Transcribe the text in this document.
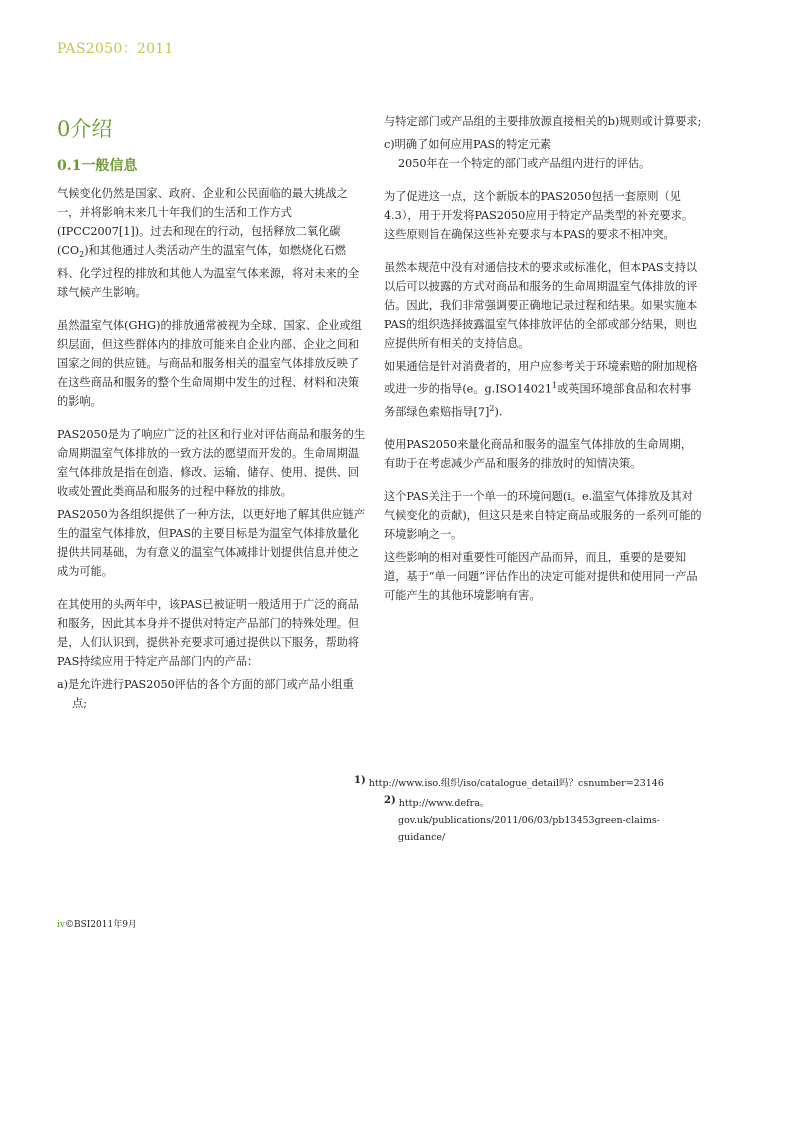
PAS2050：2011
0介绍
0.1一般信息

气候变化仍然是国家、政府、企业和公民面临的最大挑战之一，并将影响未来几十年我们的生活和工作方式(IPCC2007[1])。过去和现在的行动，包括释放二氧化碳$(CO_2)$和其他通过人类活动产生的温室气体，如燃烧化石燃料、化学过程的排放和其他人为温室气体来源，将对未来的全球气候产生影响。

虽然温室气体(GHG)的排放通常被视为全球、国家、企业或组织层面，但这些群体内的排放可能来自企业内部、企业之间和国家之间的供应链。与商品和服务相关的温室气体排放反映了在这些商品和服务的整个生命周期中发生的过程、材料和决策的影响。

PAS2050是为了响应广泛的社区和行业对评估商品和服务的生命周期温室气体排放的一致方法的愿望而开发的。生命周期温室气体排放是指在创造、修改、运输、储存、使用、提供、回收或处置此类商品和服务的过程中释放的排放。

PAS2050为各组织提供了一种方法，以更好地了解其供应链产生的温室气体排放，但PAS的主要目标是为温室气体排放量化提供共同基础，为有意义的温室气体减排计划提供信息并使之成为可能。

在其使用的头两年中，该PAS已被证明一般适用于广泛的商品和服务，因此其本身并不提供对特定产品部门的特殊处理。但是，人们认识到，提供补充要求可通过提供以下服务，帮助将PAS持续应用于特定产品部门内的产品：

a)是允许进行PAS2050评估的各个方面的部门或产品小组重点;

与特定部门或产品组的主要排放源直接相关的b)规则或计算要求;

c)明确了如何应用PAS的特定元素

2050年在一个特定的部门或产品组内进行的评估。

为了促进这一点，这个新版本的PAS2050包括一套原则（见4.3），用于开发将PAS2050应用于特定产品类型的补充要求。这些原则旨在确保这些补充要求与本PAS的要求不相冲突。

虽然本规范中没有对通信技术的要求或标准化，但本PAS支持以以后可以披露的方式对商品和服务的生命周期温室气体排放的评估。因此，我们非常强调要正确地记录过程和结果。如果实施本PAS的组织选择披露温室气体排放评估的全部或部分结果，则也应提供所有相关的支持信息。

如果通信是针对消费者的，用户应参考关于环境索赔的附加规格或进一步的指导(e。g.ISO14021$^1$或英国环境部食品和农村事务部绿色索赔指导$[7]^2$).

使用PAS2050来量化商品和服务的温室气体排放的生命周期，有助于在考虑减少产品和服务的排放时的知情决策。

这个PAS关注于一个单一的环境问题(i。e.温室气体排放及其对气候变化的贡献)，但这只是来自特定商品或服务的一系列可能的环境影响之一。

这些影响的相对重要性可能因产品而异，而且，重要的是要知道，基于“单一问题”评估作出的决定可能对提供和使用同一产品可能产生的其他环境影响有害。

1) http://www.iso.组织/iso/catalogue_detail吗？csnumber=23146
2) http://www.defra。
gov.uk/publications/2011/06/03/pb13453green-claims-
guidance/
iv©BSI2011年9月
